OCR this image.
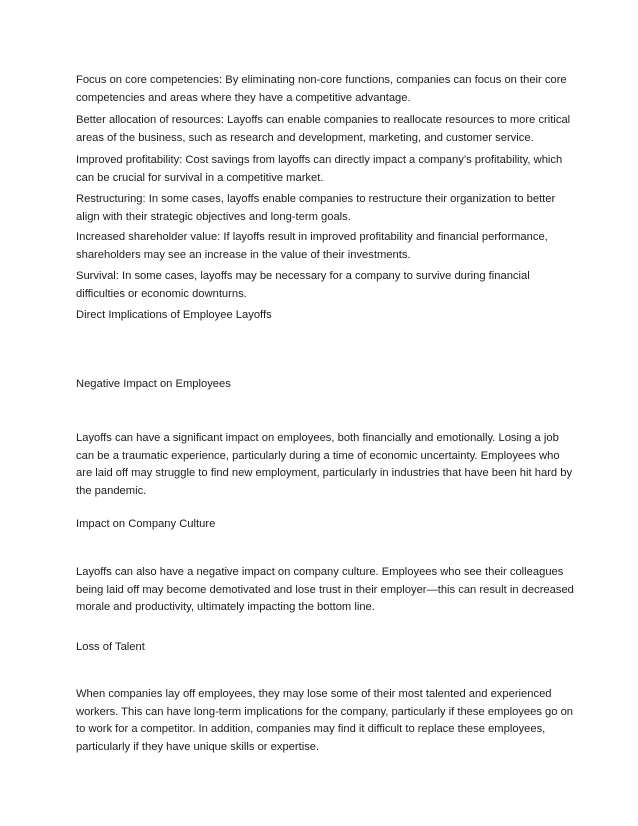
Focus on core competencies: By eliminating non-core functions, companies can focus on their core competencies and areas where they have a competitive advantage.

Better allocation of resources: Layoffs can enable companies to reallocate resources to more critical areas of the business, such as research and development, marketing, and customer service.

Improved profitability: Cost savings from layoffs can directly impact a company’s profitability, which can be crucial for survival in a competitive market.

Restructuring: In some cases, layoffs enable companies to restructure their organization to better align with their strategic objectives and long-term goals.

Increased shareholder value: If layoffs result in improved profitability and financial performance, shareholders may see an increase in the value of their investments.

Survival: In some cases, layoffs may be necessary for a company to survive during financial difficulties or economic downturns.

Direct Implications of Employee Layoffs

Negative Impact on Employees

Layoffs can have a significant impact on employees, both financially and emotionally. Losing a job can be a traumatic experience, particularly during a time of economic uncertainty. Employees who are laid off may struggle to find new employment, particularly in industries that have been hit hard by the pandemic.

Impact on Company Culture

Layoffs can also have a negative impact on company culture. Employees who see their colleagues being laid off may become demotivated and lose trust in their employer—this can result in decreased morale and productivity, ultimately impacting the bottom line.

Loss of Talent

When companies lay off employees, they may lose some of their most talented and experienced workers. This can have long-term implications for the company, particularly if these employees go on to work for a competitor. In addition, companies may find it difficult to replace these employees, particularly if they have unique skills or expertise.
